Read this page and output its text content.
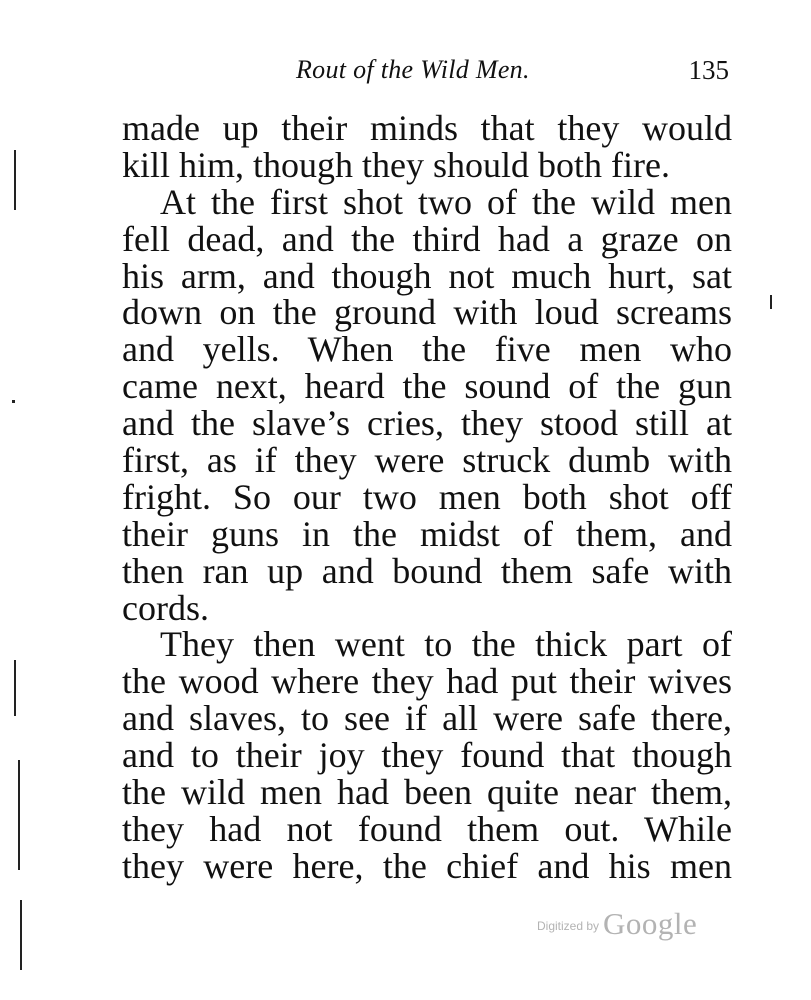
Rout of the Wild Men.	135
made up their minds that they would
kill him, though they should both fire.
At the first shot two of the wild men
fell dead, and the third had a graze on
his arm, and though not much hurt, sat
down on the ground with loud screams
and yells. When the five men who
came next, heard the sound of the gun
and the slave’s cries, they stood still at
first, as if they were struck dumb with
fright. So our two men both shot off
their guns in the midst of them, and
then ran up and bound them safe with
cords.
They then went to the thick part of
the wood where they had put their wives
and slaves, to see if all were safe there,
and to their joy they found that though
the wild men had been quite near them,
they had not found them out. While
they were here, the chief and his men
$^{Digitized by}$ Google
